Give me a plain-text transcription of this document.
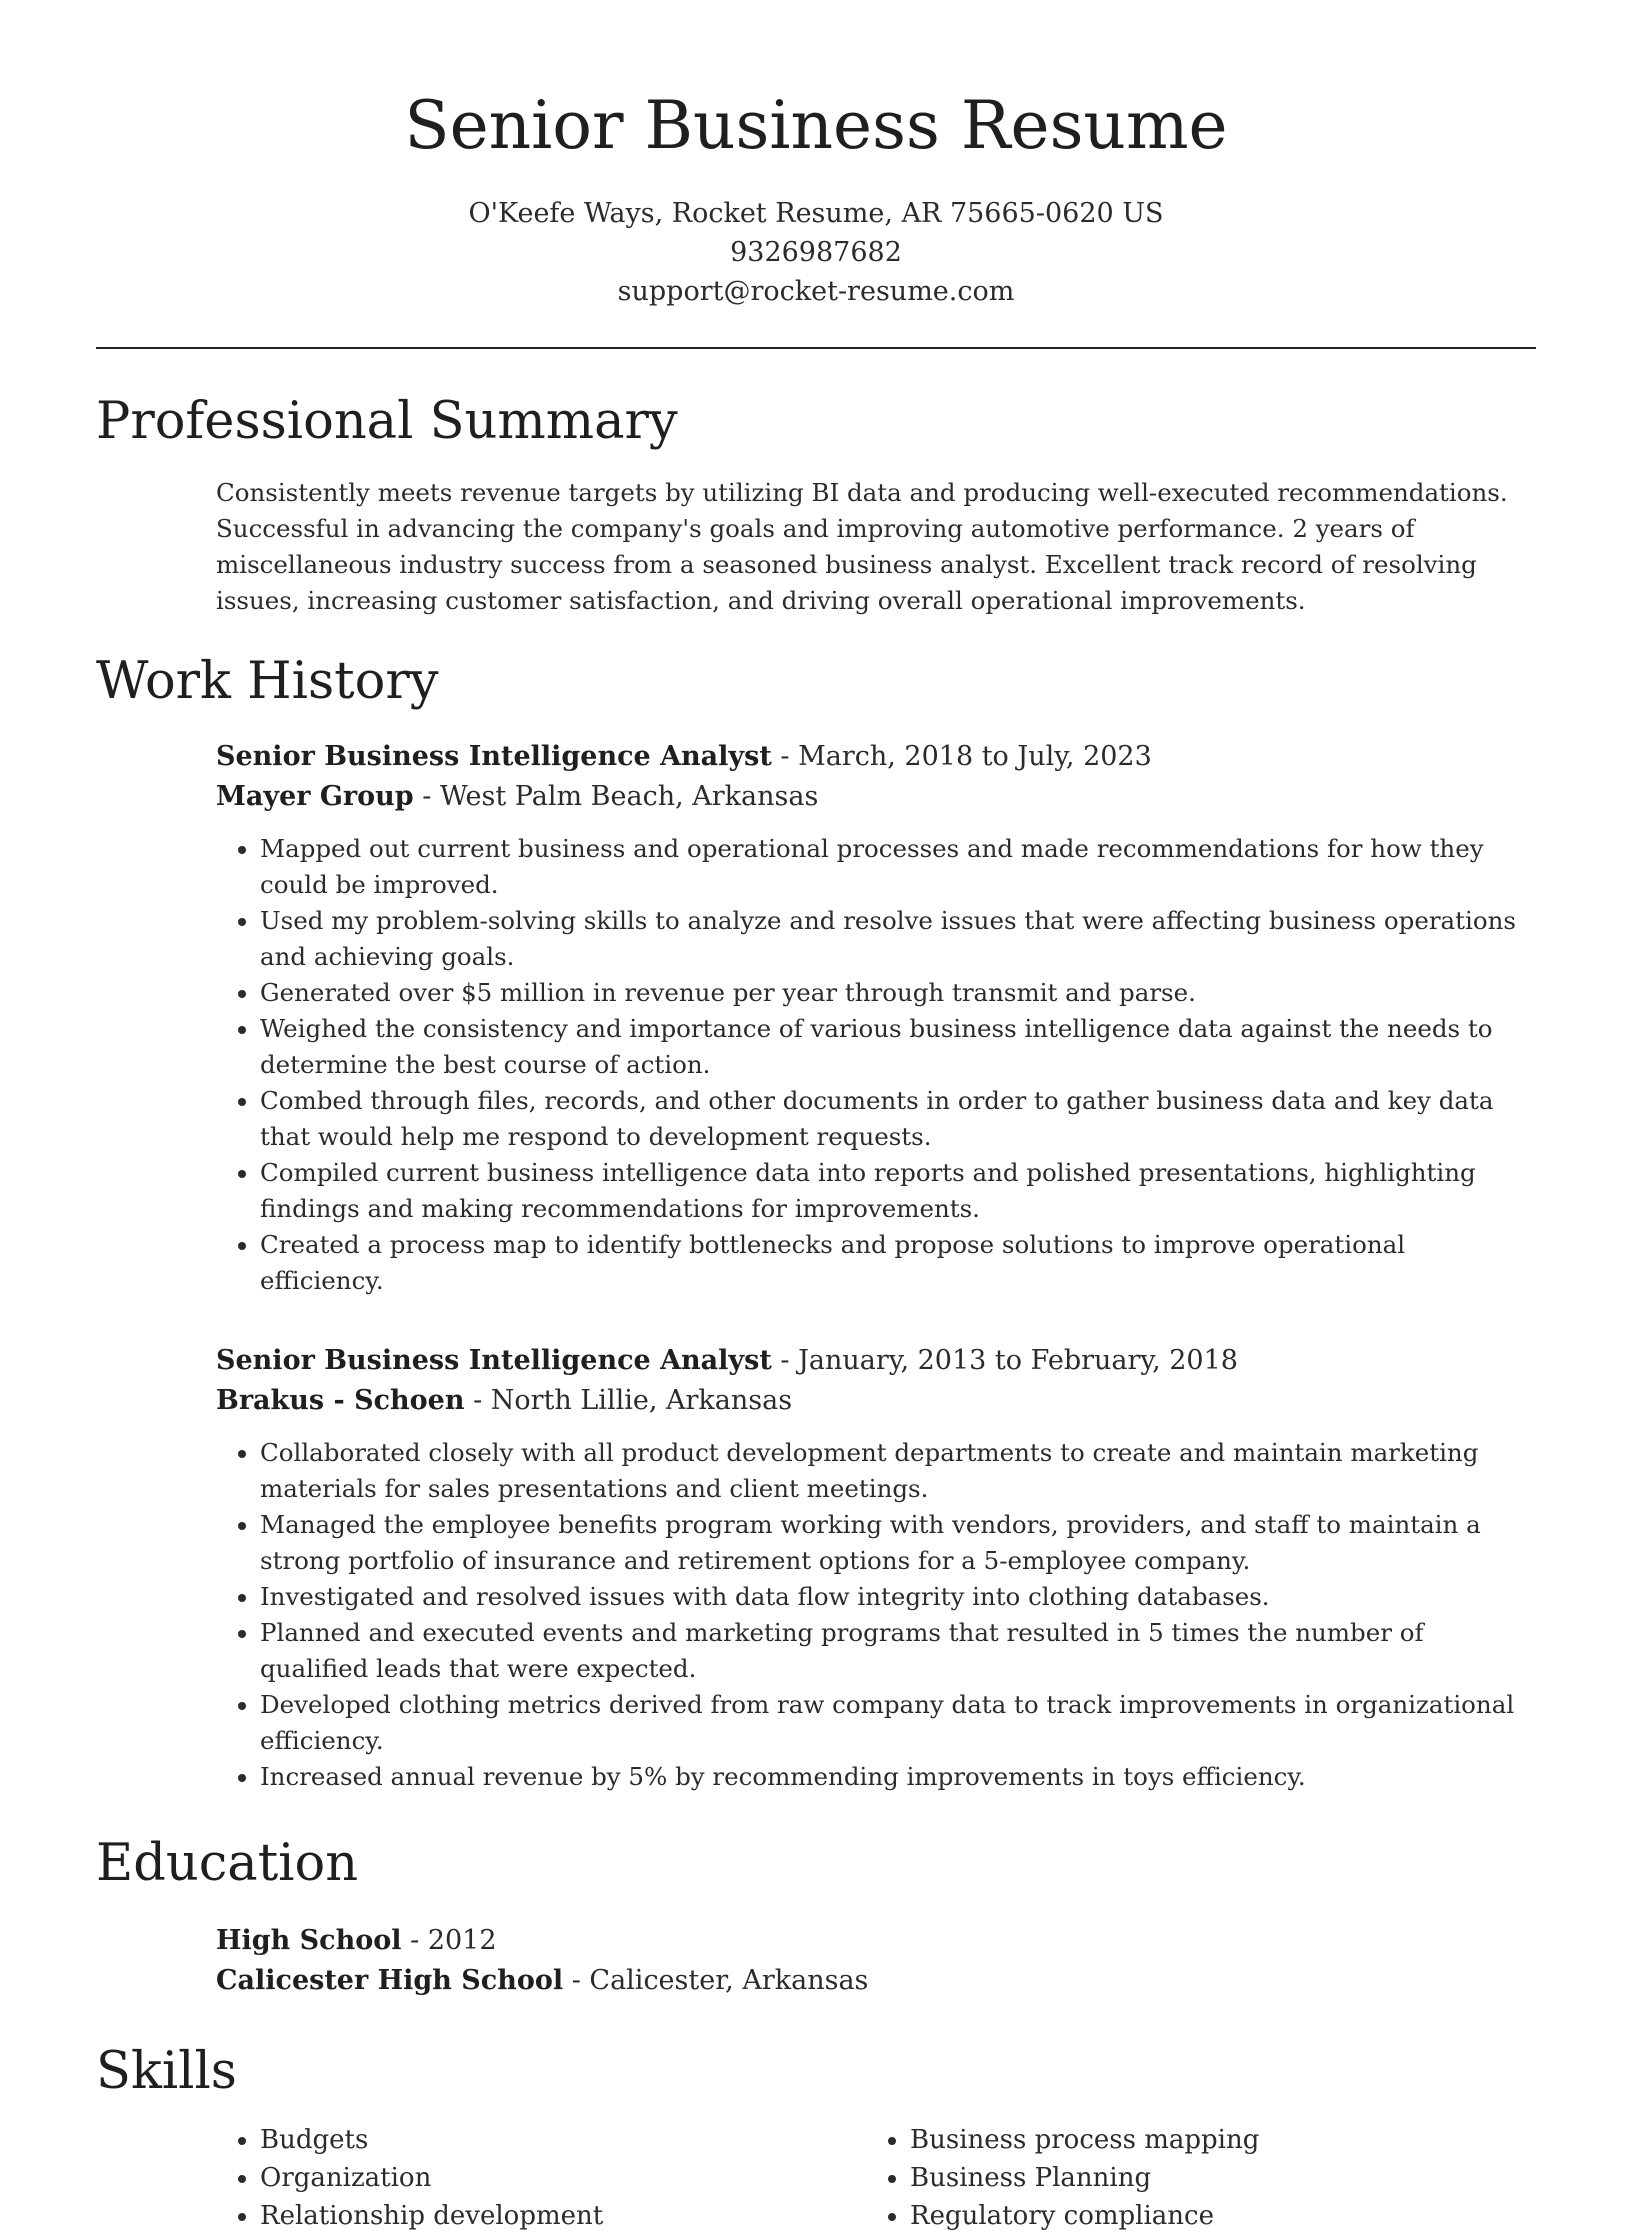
Senior Business Resume
O'Keefe Ways, Rocket Resume, AR 75665-0620 US
9326987682
support@rocket-resume.com
Professional Summary
Consistently meets revenue targets by utilizing BI data and producing well-executed recommendations. Successful in advancing the company's goals and improving automotive performance. 2 years of miscellaneous industry success from a seasoned business analyst. Excellent track record of resolving issues, increasing customer satisfaction, and driving overall operational improvements.
Work History
Senior Business Intelligence Analyst - March, 2018 to July, 2023
Mayer Group - West Palm Beach, Arkansas
• Mapped out current business and operational processes and made recommendations for how they could be improved.
• Used my problem-solving skills to analyze and resolve issues that were affecting business operations and achieving goals.
• Generated over $5 million in revenue per year through transmit and parse.
• Weighed the consistency and importance of various business intelligence data against the needs to determine the best course of action.
• Combed through files, records, and other documents in order to gather business data and key data that would help me respond to development requests.
• Compiled current business intelligence data into reports and polished presentations, highlighting findings and making recommendations for improvements.
• Created a process map to identify bottlenecks and propose solutions to improve operational efficiency.
Senior Business Intelligence Analyst - January, 2013 to February, 2018
Brakus - Schoen - North Lillie, Arkansas
• Collaborated closely with all product development departments to create and maintain marketing materials for sales presentations and client meetings.
• Managed the employee benefits program working with vendors, providers, and staff to maintain a strong portfolio of insurance and retirement options for a 5-employee company.
• Investigated and resolved issues with data flow integrity into clothing databases.
• Planned and executed events and marketing programs that resulted in 5 times the number of qualified leads that were expected.
• Developed clothing metrics derived from raw company data to track improvements in organizational efficiency.
• Increased annual revenue by 5% by recommending improvements in toys efficiency.
Education
High School - 2012
Calicester High School - Calicester, Arkansas
Skills
• Budgets
• Organization
• Relationship development
• Business process mapping
• Business Planning
• Regulatory compliance
